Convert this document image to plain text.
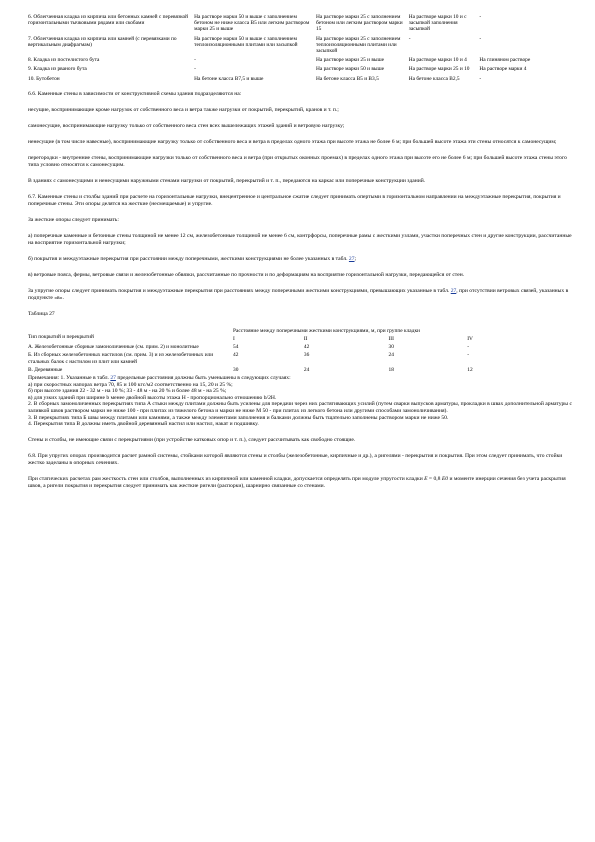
6. Облегченная кладка из кирпича или бетонных камней с перевязкой горизонтальными тычковыми рядами или скобами	На растворе марки 50 и выше с заполнением бетоном не ниже класса В5 или легким раствором марки 25 и выше	На растворе марки 25 с заполнением бетоном или легким раствором марки 15	На растворе марки 10 и с засыпкой заполнения засыпкой	-
7. Облегченная кладка из кирпича или камней (с перевязками по вертикальным диафрагмам)	На растворе марки 50 и выше с заполнением теплоизоляционными плитами или засыпкой	На растворе марки 25 с заполнением теплоизоляционными плитами или засыпкой	-	-
8. Кладка из постелистого бута	-	На растворе марки 25 и выше	На растворе марки 10 и 4	На глиняном растворе
9. Кладка из рваного бута	-	На растворе марки 50 и выше	На растворе марки 25 и 10	На растворе марки 4
10. Бутобетон	На бетоне класса В7,5 и выше	На бетоне класса В5 и В3,5	На бетоне класса В2,5	-

6.6. Каменные стены в зависимости от конструктивной схемы здания подразделяются на:

несущие, воспринимающие кроме нагрузок от собственного веса и ветра также нагрузки от покрытий, перекрытий, кранов и т. п.;

самонесущие, воспринимающие нагрузку только от собственного веса стен всех вышележащих этажей зданий и ветровую нагрузку;

ненесущие (в том числе навесные), воспринимающие нагрузку только от собственного веса и ветра в пределах одного этажа при высоте этажа не более 6 м; при большей высоте этажа эти стены относятся к самонесущим;

перегородки - внутренние стены, воспринимающие нагрузки только от собственного веса и ветра (при открытых оконных проемах) в пределах одного этажа при высоте его не более 6 м; при большей высоте этажа стены этого типа условно относятся к самонесущим.

В зданиях с самонесущими и ненесущими наружными стенами нагрузки от покрытий, перекрытий и т. п., передаются на каркас или поперечные конструкции зданий.

6.7. Каменные стены и столбы зданий при расчете на горизонтальные нагрузки, внецентренное и центральное сжатие следует принимать опертыми в горизонтальном направлении на междуэтажные перекрытия, покрытия и поперечные стены. Эти опоры делятся на жесткие (несмещаемые) и упругие.

За жесткие опоры следует принимать:

а) поперечные каменные и бетонные стены толщиной не менее 12 см, железобетонные толщиной не менее 6 см, контрфорсы, поперечные рамы с жесткими узлами, участки поперечных стен и другие конструкции, рассчитанные на восприятие горизонтальной нагрузки;

б) покрытия и междуэтажные перекрытия при расстоянии между поперечными, жесткими конструкциями не более указанных в табл. 27;

в) ветровые пояса, фермы, ветровые связи и железобетонные обвязки, рассчитанные по прочности и по деформациям на восприятие горизонтальной нагрузки, передающейся от стен.

За упругие опоры следует принимать покрытия и междуэтажные перекрытия при расстояниях между поперечными жесткими конструкциями, превышающих указанные в табл. 27, при отсутствии ветровых связей, указанных в подпункте «в».

Таблица 27

Тип покрытий и перекрытий	Расстояние между поперечными жесткими конструкциями, м, при группе кладки			
	I	II	III	IV
А. Железобетонные сборные замоноличенные (см. прим. 2) и монолитные	54	42	30	-
Б. Из сборных железобетонных настилов (см. прим. 3) и из железобетонных или стальных балок с настилом из плит или камней	42	36	24	-
В. Деревянные	30	24	18	12

Примечания: 1. Указанные в табл. 27 предельные расстояния должны быть уменьшены в следующих случаях:

а) при скоростных напорах ветра 70, 85 и 100 кгс/м2 соответственно на 15, 20 и 25 %;

б) при высоте здания 22 - 32 м - на 10 %; 33 - 48 м - на 20 % и более 48 м - на 25 %;

в) для узких зданий при ширине b менее двойной высоты этажа H - пропорционально отношению b/2H.

2. В сборных замоноличенных перекрытиях типа А стыки между плитами должны быть усилены для передачи через них растягивающих усилий (путем сварки выпусков арматуры, прокладки в швах дополнительной арматуры с заливкой швов раствором марки не ниже 100 - при плитах из тяжелого бетона и марки не ниже М 50 - при плитах из легкого бетона или другими способами замоноличивания).

3. В перекрытиях типа Б швы между плитами или камнями, а также между элементами заполнения и балками должны быть тщательно заполнены раствором марки не ниже 50.

4. Перекрытия типа В должны иметь двойной деревянный настил или настил, накат и подшивку.

Стены и столбы, не имеющие связи с перекрытиями (при устройстве катковых опор и т. п.), следует рассчитывать как свободно стоящие.

6.8. При упругих опорах производится расчет рамной системы, стойками которой являются стены и столбы (железобетонные, кирпичные и др.), а ригелями - перекрытия и покрытия. При этом следует принимать, что стойки жестко заделаны в опорных сечениях.

При статических расчетах рам жесткость стен или столбов, выполненных из кирпичной или каменной кладки, допускается определять при модуле упругости кладки E = 0,8 E0 и моменте инерции сечения без учета раскрытия швов, а ригели покрытия и перекрытия следует принимать как жесткие ригели (распорки), шарнирно связанные со стенами.
